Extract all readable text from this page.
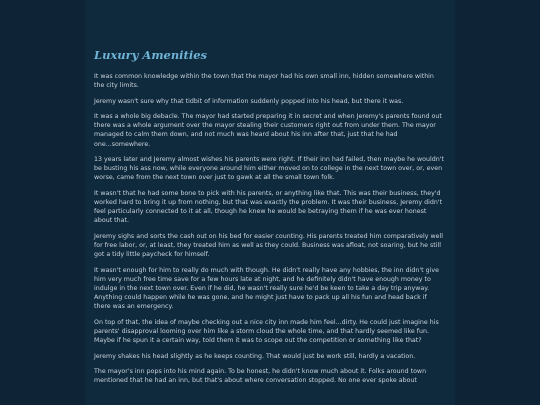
Luxury Amenities

It was common knowledge within the town that the mayor had his own small inn, hidden somewhere within the city limits.

Jeremy wasn't sure why that tidbit of information suddenly popped into his head, but there it was.

It was a whole big debacle. The mayor had started preparing it in secret and when Jeremy's parents found out there was a whole argument over the mayor stealing their customers right out from under them. The mayor managed to calm them down, and not much was heard about his inn after that, just that he had one...somewhere.

13 years later and Jeremy almost wishes his parents were right. If their inn had failed, then maybe he wouldn't be busting his ass now, while everyone around him either moved on to college in the next town over, or, even worse, came from the next town over just to gawk at all the small town folk.

It wasn't that he had some bone to pick with his parents, or anything like that. This was their business, they'd worked hard to bring it up from nothing, but that was exactly the problem. It was their business, Jeremy didn't feel particularly connected to it at all, though he knew he would be betraying them if he was ever honest about that.

Jeremy sighs and sorts the cash out on his bed for easier counting. His parents treated him comparatively well for free labor, or, at least, they treated him as well as they could. Business was afloat, not soaring, but he still got a tidy little paycheck for himself.

It wasn't enough for him to really do much with though. He didn't really have any hobbies, the inn didn't give him very much free time save for a few hours late at night, and he definitely didn't have enough money to indulge in the next town over. Even if he did, he wasn't really sure he'd be keen to take a day trip anyway. Anything could happen while he was gone, and he might just have to pack up all his fun and head back if there was an emergency.

On top of that, the idea of maybe checking out a nice city inn made him feel...dirty. He could just imagine his parents' disapproval looming over him like a storm cloud the whole time, and that hardly seemed like fun. Maybe if he spun it a certain way, told them it was to scope out the competition or something like that?

Jeremy shakes his head slightly as he keeps counting. That would just be work still, hardly a vacation.

The mayor's inn pops into his mind again. To be honest, he didn't know much about it. Folks around town mentioned that he had an inn, but that's about where conversation stopped. No one ever spoke about
